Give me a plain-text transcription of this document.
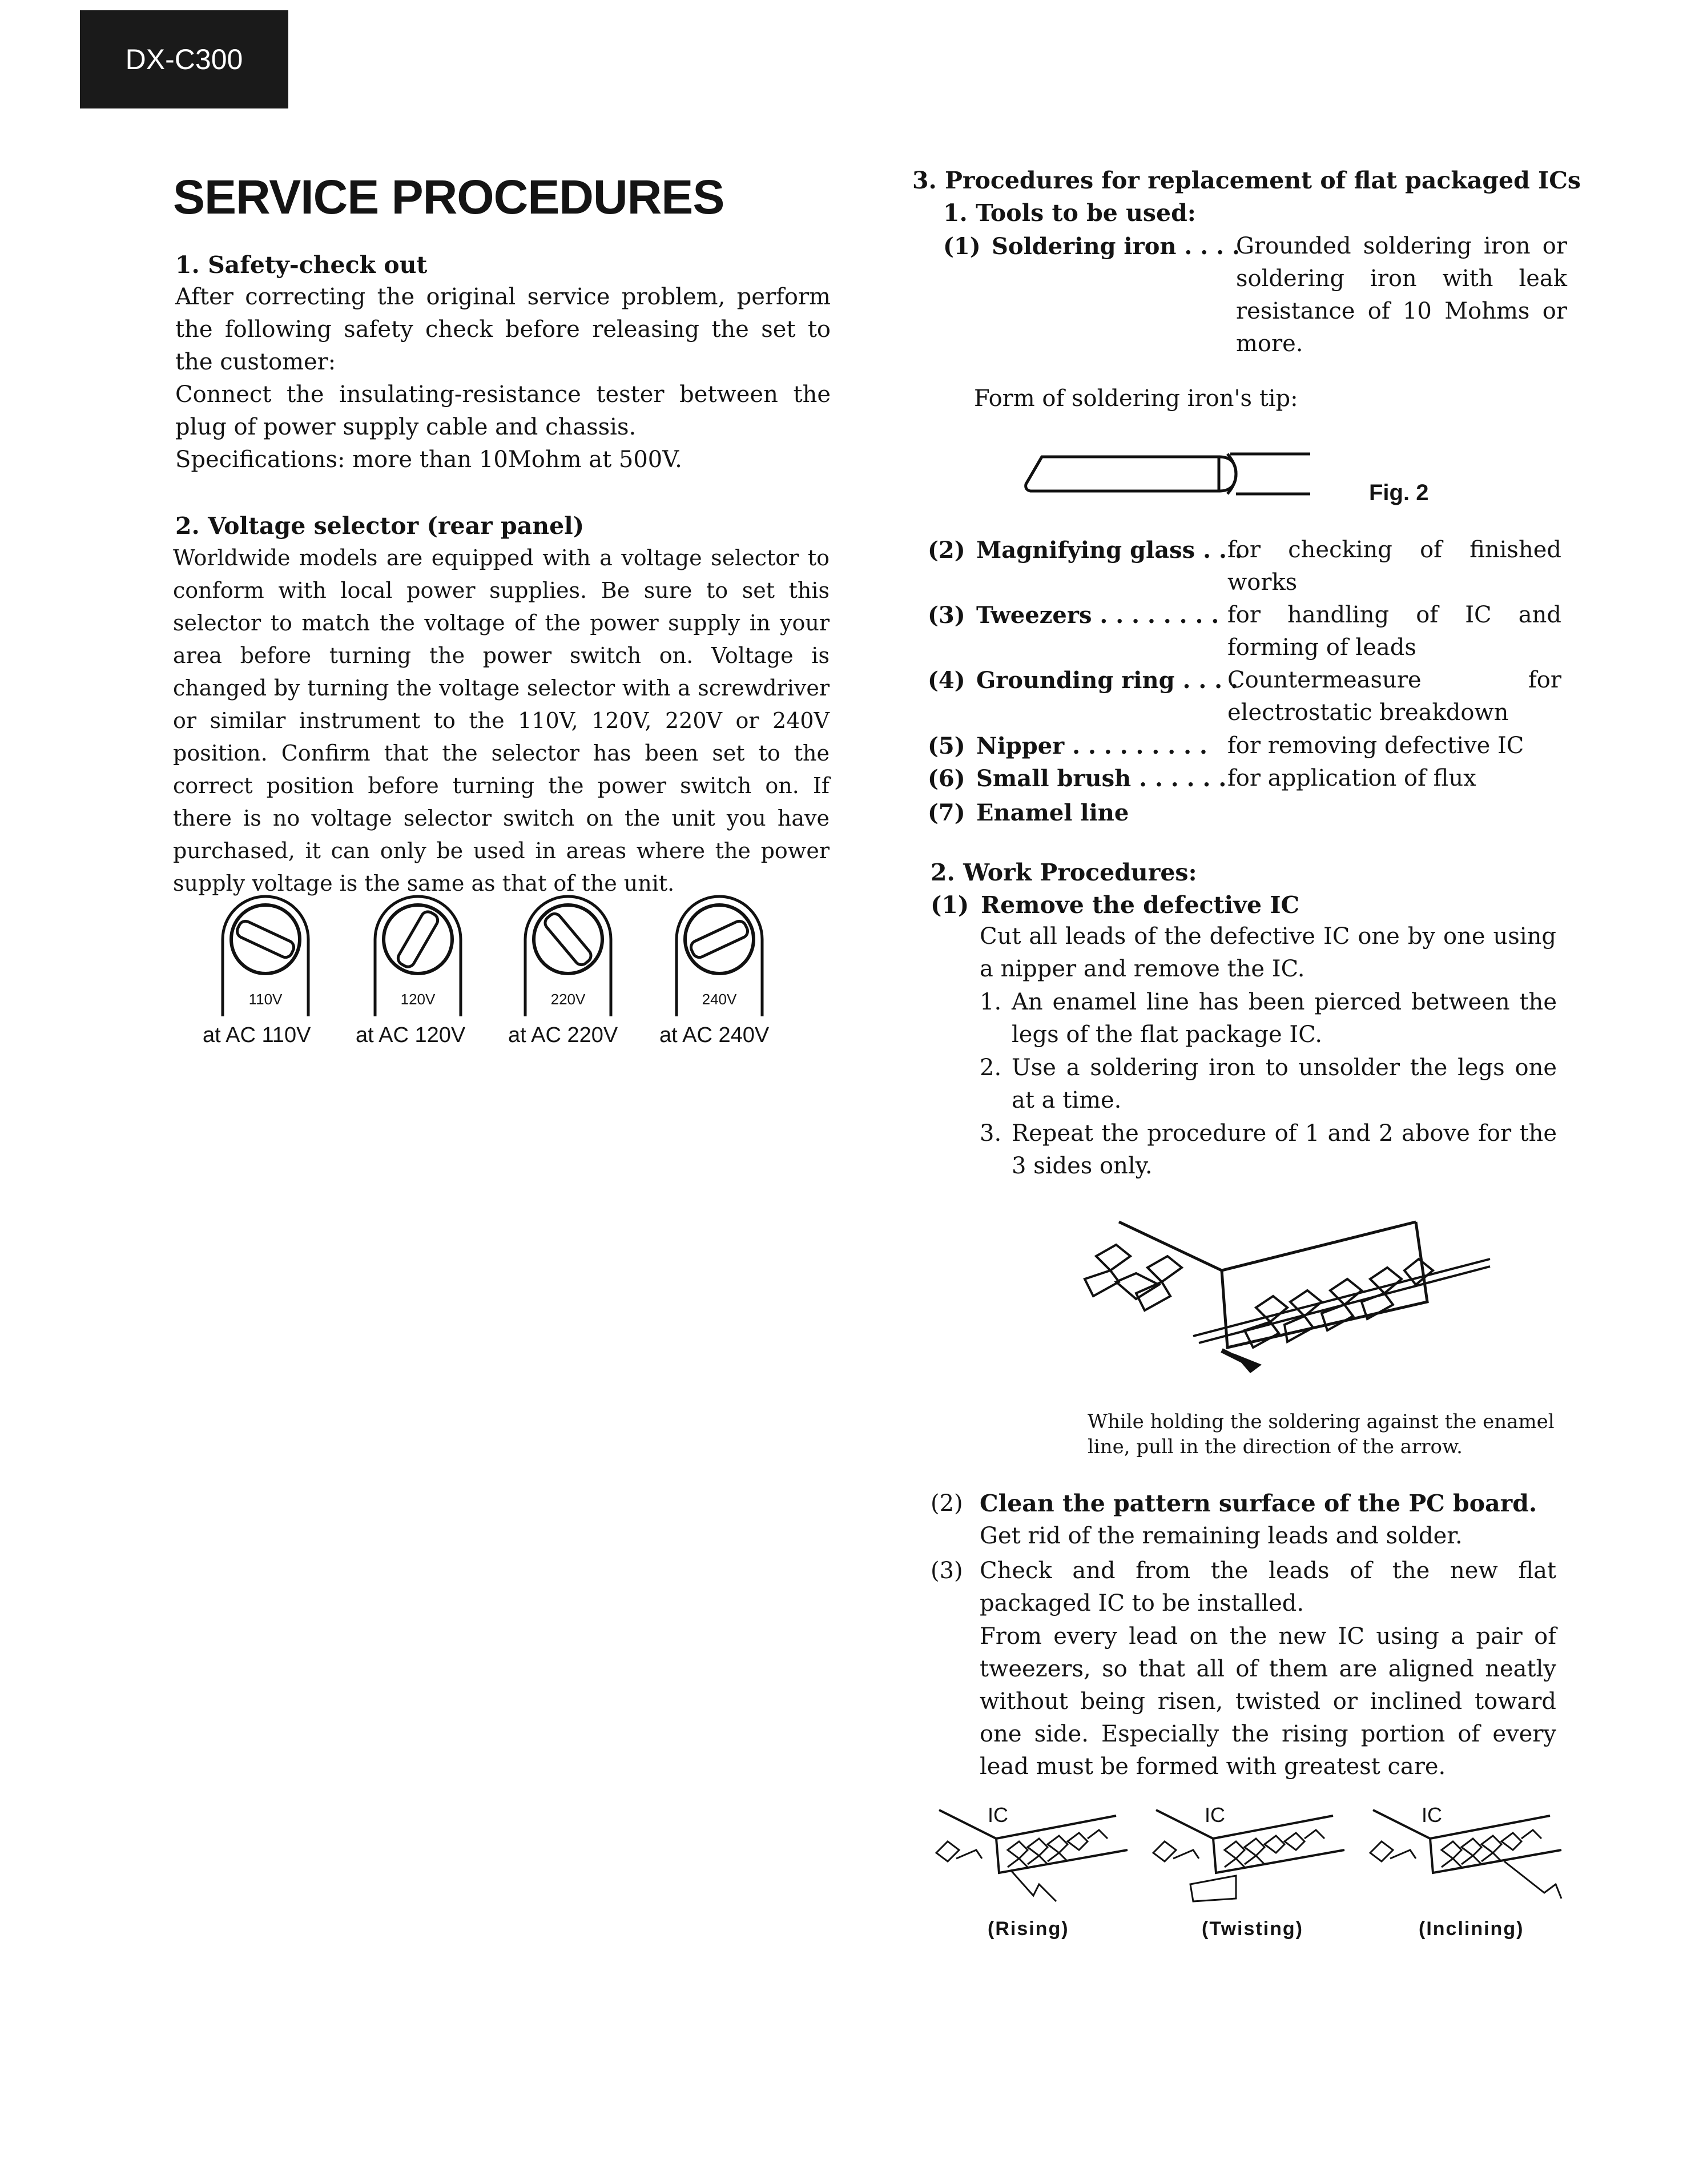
DX-C300
SERVICE PROCEDURES
1. Safety-check out
After correcting the original service problem, perform the following safety check before releasing the set to the customer:
Connect the insulating-resistance tester between the plug of power supply cable and chassis.
Specifications: more than 10Mohm at 500V.
2. Voltage selector (rear panel)
Worldwide models are equipped with a voltage selector to conform with local power supplies. Be sure to set this selector to match the voltage of the power supply in your area before turning the power switch on. Voltage is changed by turning the voltage selector with a screwdriver or similar instrument to the 110V, 120V, 220V or 240V position. Confirm that the selector has been set to the correct position before turning the power switch on. If there is no voltage selector switch on the unit you have purchased, it can only be used in areas where the power supply voltage is the same as that of the unit.
110V
at AC 110V
120V
at AC 120V
220V
at AC 220V
240V
at AC 240V
3. Procedures for replacement of flat packaged ICs
1. Tools to be used:
(1) Soldering iron . . . .
Grounded soldering iron or soldering iron with leak resistance of 10 Mohms or more.
Form of soldering iron's tip:
Fig. 2
(2) Magnifying glass . . .
for checking of finished works
(3) Tweezers . . . . . . . . for handling of IC and forming of leads
(4) Grounding ring . . . .
Countermeasure for electrostatic breakdown
(5) Nipper . . . . . . . . . for removing defective IC
(6) Small brush . . . . . . for application of flux
(7) Enamel line
2. Work Procedures:
(1) Remove the defective IC
Cut all leads of the defective IC one by one using a nipper and remove the IC.
1. An enamel line has been pierced between the legs of the flat package IC.
2. Use a soldering iron to unsolder the legs one at a time.
3. Repeat the procedure of 1 and 2 above for the 3 sides only.
While holding the soldering against the enamel line, pull in the direction of the arrow.
(2) Clean the pattern surface of the PC board.
Get rid of the remaining leads and solder.
(3) Check and from the leads of the new flat packaged IC to be installed.
From every lead on the new IC using a pair of tweezers, so that all of them are aligned neatly without being risen, twisted or inclined toward one side. Especially the rising portion of every lead must be formed with greatest care.
IC
(Rising)
IC
(Twisting)
IC
(Inclining)
